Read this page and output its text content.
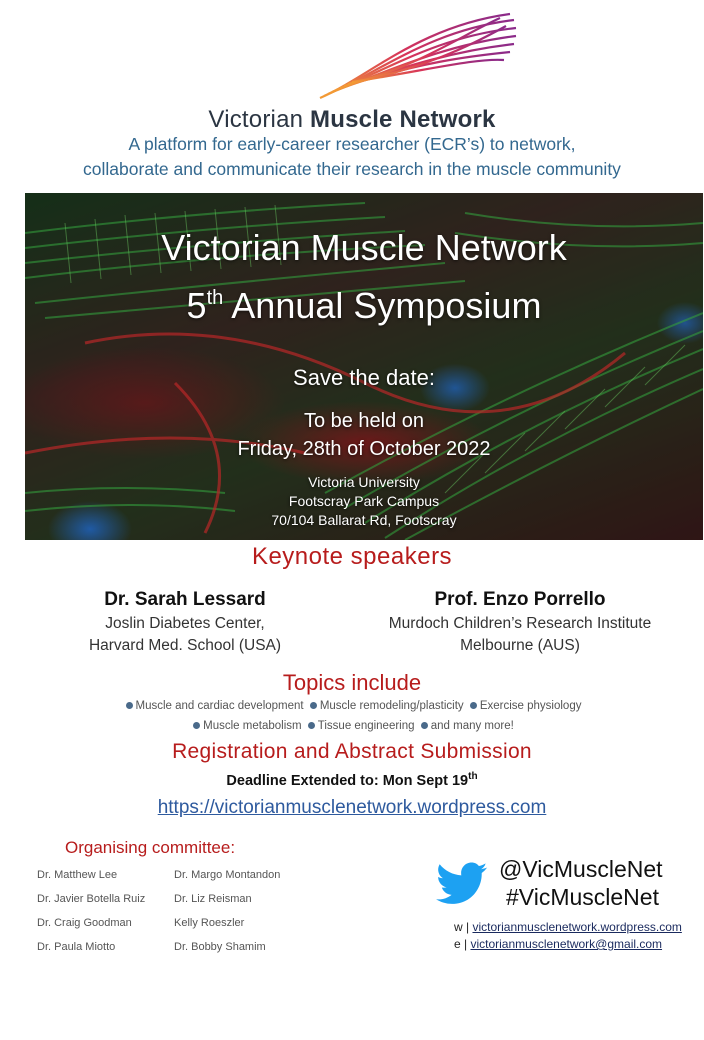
Victorian Muscle Network
A platform for early-career researcher (ECR’s) to network,
collaborate and communicate their research in the muscle community
Victorian Muscle Network
5th Annual Symposium
Save the date:
To be held on
Friday, 28th of October 2022
Victoria University
Footscray Park Campus
70/104 Ballarat Rd, Footscray
Keynote speakers
Dr. Sarah Lessard
Joslin Diabetes Center,
Harvard Med. School (USA)
Prof. Enzo Porrello
Murdoch Children’s Research Institute
Melbourne (AUS)
Topics include
Muscle and cardiac development Muscle remodeling/plasticity Exercise physiology
Muscle metabolism Tissue engineering and many more!
Registration and Abstract Submission
Deadline Extended to: Mon Sept 19th
https://victorianmusclenetwork.wordpress.com
Organising committee:
Dr. Matthew Lee
Dr. Javier Botella Ruiz
Dr. Craig Goodman
Dr. Paula Miotto
Dr. Margo Montandon
Dr. Liz Reisman
Kelly Roeszler
Dr. Bobby Shamim
@VicMuscleNet
#VicMuscleNet
w | victorianmusclenetwork.wordpress.com
e | victorianmusclenetwork@gmail.com
